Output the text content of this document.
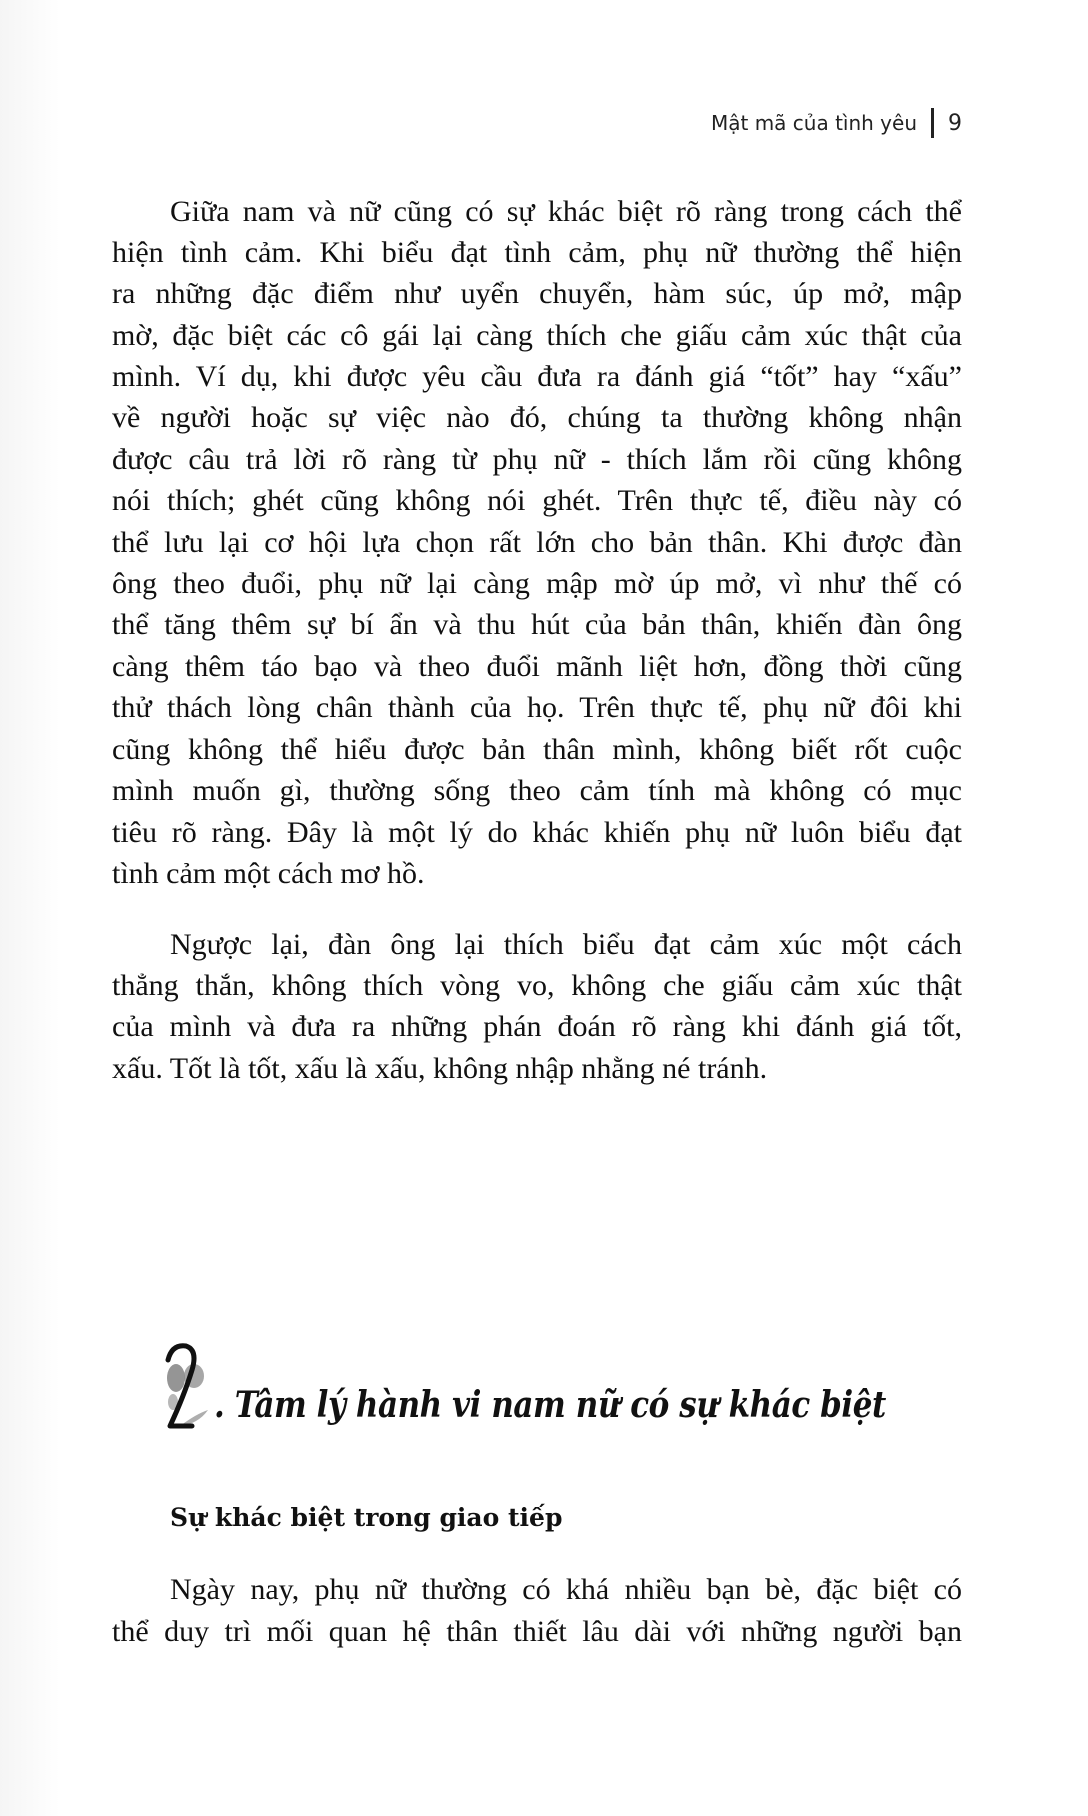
Mật mã của tình yêu 9
Giữa nam và nữ cũng có sự khác biệt rõ ràng trong cách thể
hiện tình cảm. Khi biểu đạt tình cảm, phụ nữ thường thể hiện
ra những đặc điểm như uyển chuyển, hàm súc, úp mở, mập
mờ, đặc biệt các cô gái lại càng thích che giấu cảm xúc thật của
mình. Ví dụ, khi được yêu cầu đưa ra đánh giá “tốt” hay “xấu”
về người hoặc sự việc nào đó, chúng ta thường không nhận
được câu trả lời rõ ràng từ phụ nữ - thích lắm rồi cũng không
nói thích; ghét cũng không nói ghét. Trên thực tế, điều này có
thể lưu lại cơ hội lựa chọn rất lớn cho bản thân. Khi được đàn
ông theo đuổi, phụ nữ lại càng mập mờ úp mở, vì như thế có
thể tăng thêm sự bí ẩn và thu hút của bản thân, khiến đàn ông
càng thêm táo bạo và theo đuổi mãnh liệt hơn, đồng thời cũng
thử thách lòng chân thành của họ. Trên thực tế, phụ nữ đôi khi
cũng không thể hiểu được bản thân mình, không biết rốt cuộc
mình muốn gì, thường sống theo cảm tính mà không có mục
tiêu rõ ràng. Đây là một lý do khác khiến phụ nữ luôn biểu đạt
tình cảm một cách mơ hồ.
Ngược lại, đàn ông lại thích biểu đạt cảm xúc một cách
thẳng thắn, không thích vòng vo, không che giấu cảm xúc thật
của mình và đưa ra những phán đoán rõ ràng khi đánh giá tốt,
xấu. Tốt là tốt, xấu là xấu, không nhập nhằng né tránh.
. Tâm lý hành vi nam nữ có sự khác biệt
Sự khác biệt trong giao tiếp
Ngày nay, phụ nữ thường có khá nhiều bạn bè, đặc biệt có
thể duy trì mối quan hệ thân thiết lâu dài với những người bạn
